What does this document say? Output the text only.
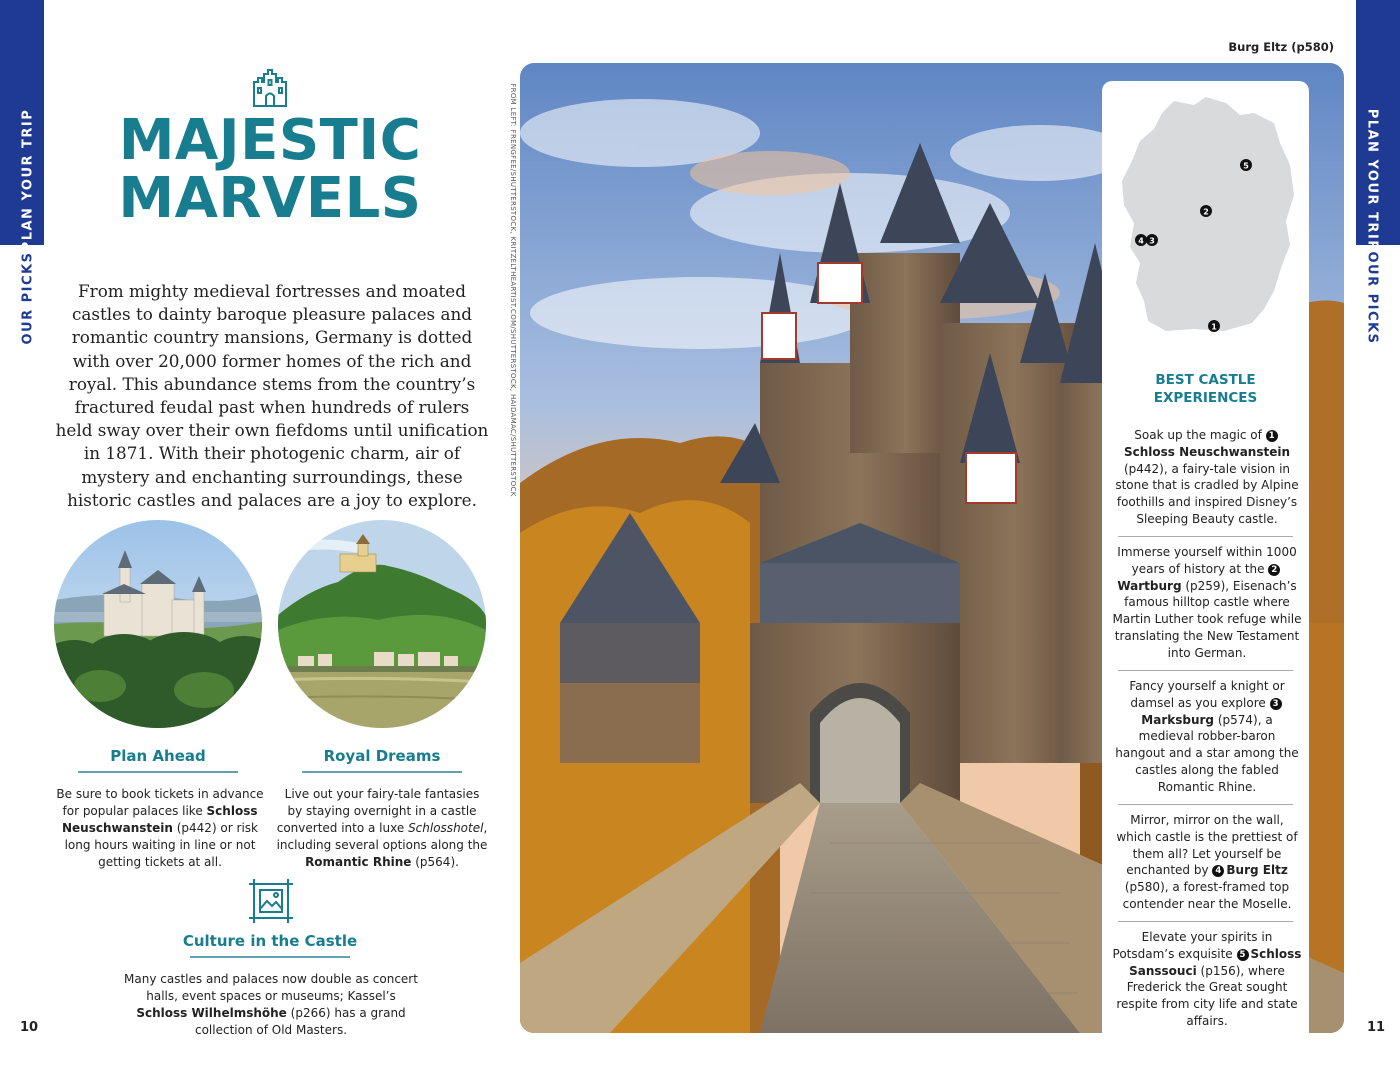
PLAN YOUR TRIP
OUR PICKS
PLAN YOUR TRIP
OUR PICKS
10	11
MAJESTIC
MARVELS
From mighty medieval fortresses and moated castles to dainty baroque pleasure palaces and romantic country mansions, Germany is dotted with over 20,000 former homes of the rich and royal. This abundance stems from the country’s fractured feudal past when hundreds of rulers held sway over their own fiefdoms until unification in 1871. With their photogenic charm, air of mystery and enchanting surroundings, these historic castles and palaces are a joy to explore.
Plan Ahead
Be sure to book tickets in advance for popular palaces like Schloss Neuschwanstein (p442) or risk long hours waiting in line or not getting tickets at all.
Royal Dreams
Live out your fairy-tale fantasies by staying overnight in a castle converted into a luxe Schlosshotel, including several options along the Romantic Rhine (p564).
Culture in the Castle
Many castles and palaces now double as concert halls, event spaces or museums; Kassel’s Schloss Wilhelmshöhe (p266) has a grand collection of Old Masters.
FROM LEFT: FRENGFEE/SHUTTERSTOCK, KRITZELTHEARTIST.COM/SHUTTERSTOCK, HAIDAMAC/SHUTTERSTOCK
Burg Eltz (p580)
5
2
4 3
1
BEST CASTLE
EXPERIENCES
Soak up the magic of 1Schloss Neuschwanstein (p442), a fairy-tale vision in stone that is cradled by Alpine foothills and inspired Disney’s Sleeping Beauty castle.
Immerse yourself within 1000 years of history at the 2Wartburg (p259), Eisenach’s famous hilltop castle where Martin Luther took refuge while translating the New Testament into German.
Fancy yourself a knight or damsel as you explore 3Marksburg (p574), a medieval robber-baron hangout and a star among the castles along the fabled Romantic Rhine.
Mirror, mirror on the wall, which castle is the prettiest of them all? Let yourself be enchanted by 4 Burg Eltz (p580), a forest-framed top contender near the Moselle.
Elevate your spirits in Potsdam’s exquisite 5 Schloss Sanssouci (p156), where Frederick the Great sought respite from city life and state affairs.
